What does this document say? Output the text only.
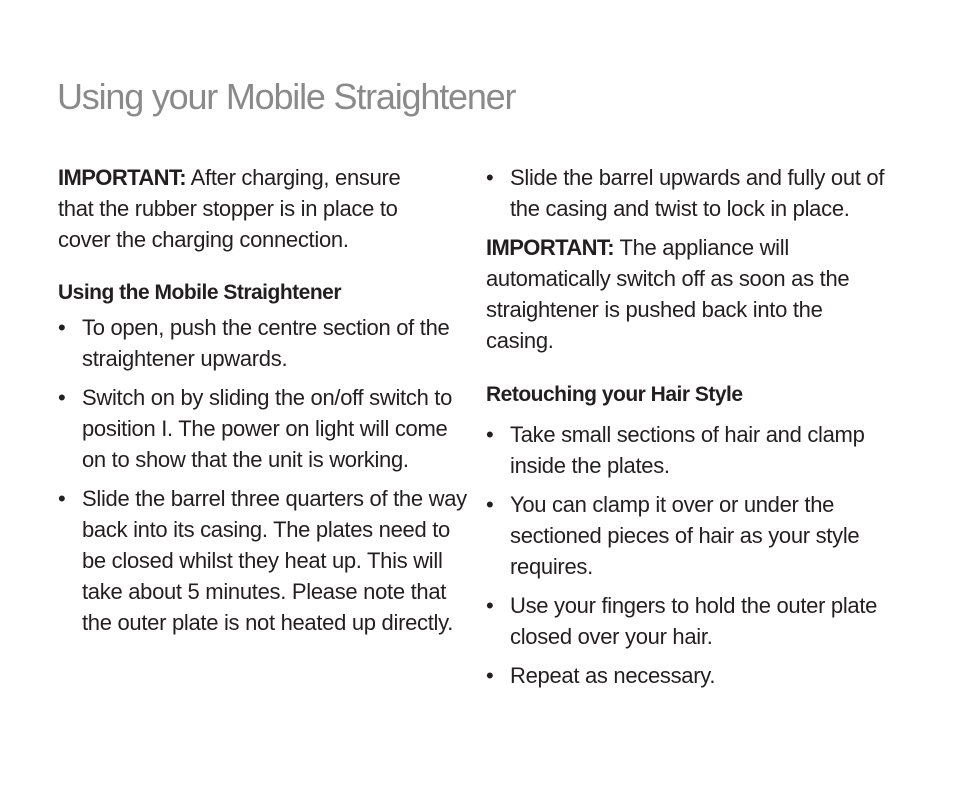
Using your Mobile Straightener

IMPORTANT: After charging, ensure that the rubber stopper is in place to cover the charging connection.

Using the Mobile Straightener
• To open, push the centre section of the straightener upwards.
• Switch on by sliding the on/off switch to position I. The power on light will come on to show that the unit is working.
• Slide the barrel three quarters of the way back into its casing. The plates need to be closed whilst they heat up. This will take about 5 minutes. Please note that the outer plate is not heated up directly.
• Slide the barrel upwards and fully out of the casing and twist to lock in place.

IMPORTANT: The appliance will automatically switch off as soon as the straightener is pushed back into the casing.

Retouching your Hair Style
• Take small sections of hair and clamp inside the plates.
• You can clamp it over or under the sectioned pieces of hair as your style requires.
• Use your fingers to hold the outer plate closed over your hair.
• Repeat as necessary.
